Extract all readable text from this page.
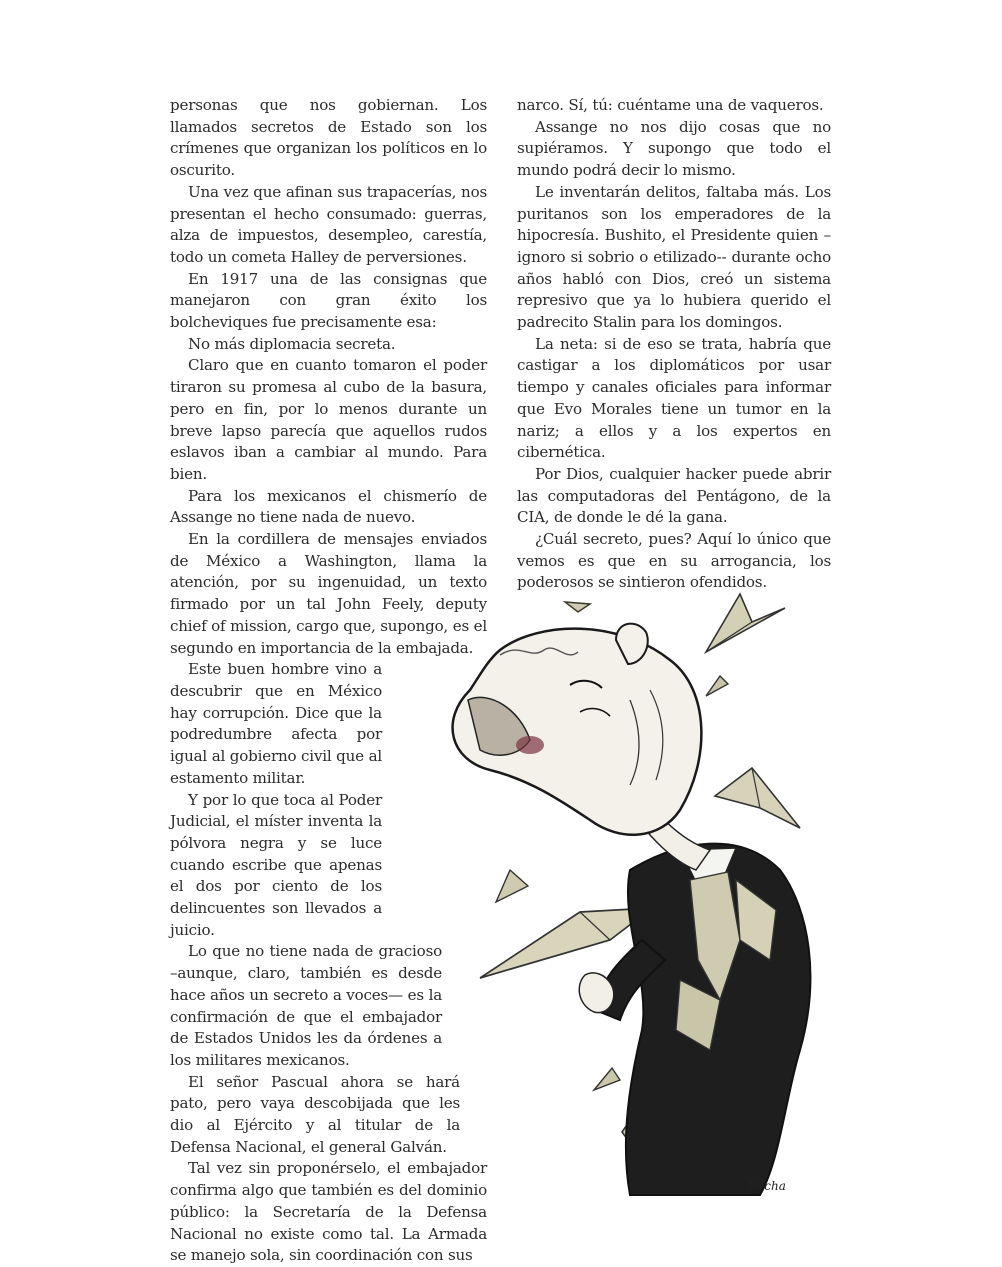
personas que nos gobiernan. Los llamados secretos de Estado son los crímenes que organizan los políticos en lo oscurito.

Una vez que afinan sus trapacerías, nos presentan el hecho consumado: guerras, alza de impuestos, desempleo, carestía, todo un cometa Halley de perversiones.

En 1917 una de las consignas que manejaron con gran éxito los bolcheviques fue precisamente esa:

No más diplomacia secreta.

Claro que en cuanto tomaron el poder tiraron su promesa al cubo de la basura, pero en fin, por lo menos durante un breve lapso parecía que aquellos rudos eslavos iban a cambiar al mundo. Para bien.

Para los mexicanos el chismerío de Assange no tiene nada de nuevo.

En la cordillera de mensajes enviados de México a Washington, llama la atención, por su ingenuidad, un texto firmado por un tal John Feely, deputy chief of mission, cargo que, supongo, es el segundo en importancia de la embajada.

Este buen hombre vino a descubrir que en México hay corrupción. Dice que la podredumbre afecta por igual al gobierno civil que al estamento militar.

Y por lo que toca al Poder Judicial, el míster inventa la pólvora negra y se luce cuando escribe que apenas el dos por ciento de los delincuentes son llevados a juicio.

Lo que no tiene nada de gracioso –aunque, claro, también es desde hace años un secreto a voces— es la confirmación de que el embajador de Estados Unidos les da órdenes a los militares mexicanos.

El señor Pascual ahora se hará pato, pero vaya descobijada que les dio al Ejército y al titular de la Defensa Nacional, el general Galván.

Tal vez sin proponérselo, el embajador confirma algo que también es del dominio público: la Secretaría de la Defensa Nacional no existe como tal. La Armada se manejo sola, sin coordinación con sus

narco. Sí, tú: cuéntame una de vaqueros.

Assange no nos dijo cosas que no supiéramos. Y supongo que todo el mundo podrá decir lo mismo.

Le inventarán delitos, faltaba más. Los puritanos son los emperadores de la hipocresía. Bushito, el Presidente quien –ignoro si sobrio o etilizado-- durante ocho años habló con Dios, creó un sistema represivo que ya lo hubiera querido el padrecito Stalin para los domingos.

La neta: si de eso se trata, habría que castigar a los diplomáticos por usar tiempo y canales oficiales para informar que Evo Morales tiene un tumor en la nariz; a ellos y a los expertos en cibernética.

Por Dios, cualquier hacker puede abrir las computadoras del Pentágono, de la CIA, de donde le dé la gana.

¿Cuál secreto, pues? Aquí lo único que vemos es que en su arrogancia, los poderosos se sintieron ofendidos.

Rocha
